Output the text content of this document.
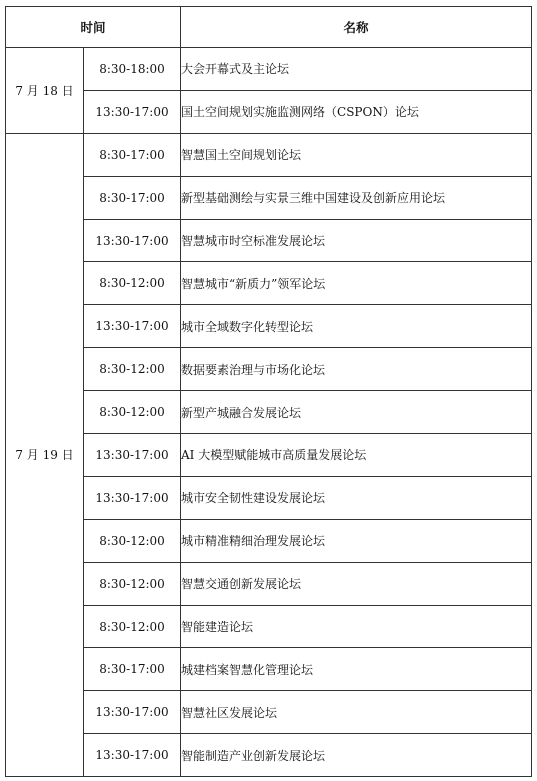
时间		名称
7 月 18 日	8:30-18:00	大会开幕式及主论坛
	13:30-17:00	国土空间规划实施监测网络（CSPON）论坛
7 月 19 日	8:30-17:00	智慧国土空间规划论坛
	8:30-17:00	新型基础测绘与实景三维中国建设及创新应用论坛
	13:30-17:00	智慧城市时空标准发展论坛
	8:30-12:00	智慧城市“新质力”领军论坛
	13:30-17:00	城市全域数字化转型论坛
	8:30-12:00	数据要素治理与市场化论坛
	8:30-12:00	新型产城融合发展论坛
	13:30-17:00	AI 大模型赋能城市高质量发展论坛
	13:30-17:00	城市安全韧性建设发展论坛
	8:30-12:00	城市精准精细治理发展论坛
	8:30-12:00	智慧交通创新发展论坛
	8:30-12:00	智能建造论坛
	8:30-17:00	城建档案智慧化管理论坛
	13:30-17:00	智慧社区发展论坛
	13:30-17:00	智能制造产业创新发展论坛
